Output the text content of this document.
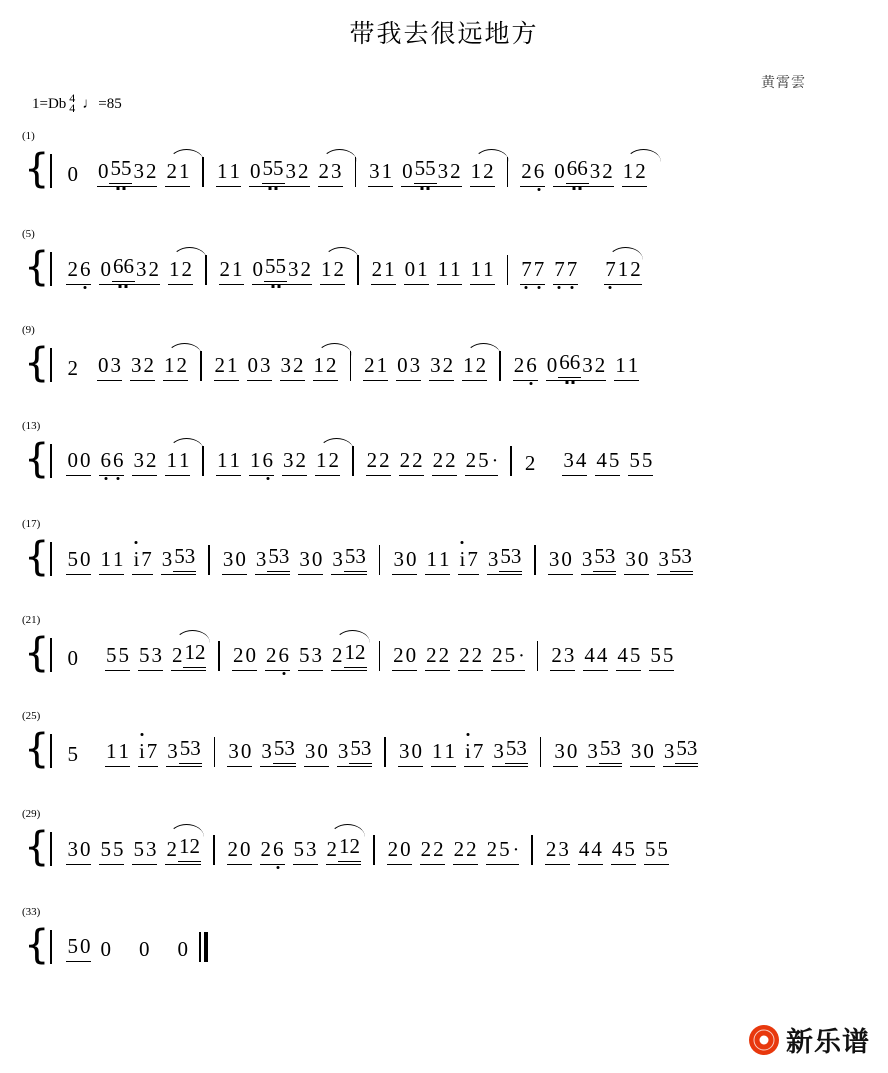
带我去很远地方
黄霄雲
1=Db 4
4 ♩ =85
(1)
{ 0 0 55 3 2 2 1 1 1 0 55 3 2 2 3 3 1 0 55 3 2 1 2 2 6 0 66 3 2 1 2
(5)
{ 2 6 0 66 3 2 1 2 2 1 0 55 3 2 1 2 2 1 0 1 1 1 1 1 7 7 7 7 7 1 2
(9)
{ 2 0 3 3 2 1 2 2 1 0 3 3 2 1 2 2 1 0 3 3 2 1 2 2 6 0 66 3 2 1 1
(13)
{ 0 0 6 6 3 2 1 1 1 1 1 6 3 2 1 2 2 2 2 2 2 2 2 5 · 2 3 4 4 5 5 5
(17)
{ 5 0 1 1 i 7 3 53 3 0 3 53 3 0 3 53 3 0 1 1 i 7 3 53 3 0 3 53 3 0 3 53
(21)
{ 0 5 5 5 3 2 12 2 0 2 6 5 3 2 12 2 0 2 2 2 2 2 5 · 2 3 4 4 4 5 5 5
(25)
{ 5 1 1 i 7 3 53 3 0 3 53 3 0 3 53 3 0 1 1 i 7 3 53 3 0 3 53 3 0 3 53
(29)
{ 3 0 5 5 5 3 2 12 2 0 2 6 5 3 2 12 2 0 2 2 2 2 2 5 · 2 3 4 4 4 5 5 5
(33)
{ 5 0 0 0 0
新乐谱
